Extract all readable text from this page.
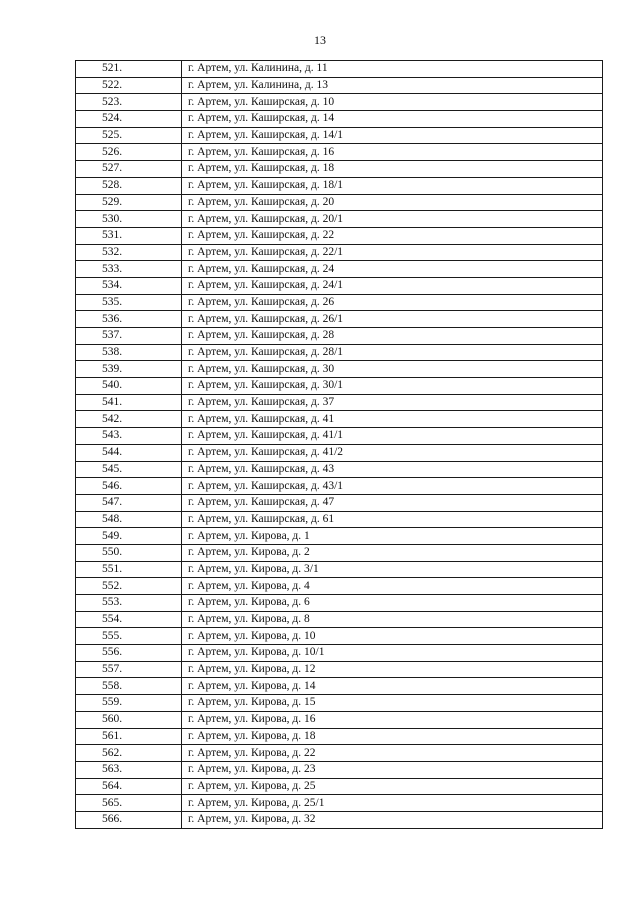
13
521.	г. Артем, ул. Калинина, д. 11
522.	г. Артем, ул. Калинина, д. 13
523.	г. Артем, ул. Каширская, д. 10
524.	г. Артем, ул. Каширская, д. 14
525.	г. Артем, ул. Каширская, д. 14/1
526.	г. Артем, ул. Каширская, д. 16
527.	г. Артем, ул. Каширская, д. 18
528.	г. Артем, ул. Каширская, д. 18/1
529.	г. Артем, ул. Каширская, д. 20
530.	г. Артем, ул. Каширская, д. 20/1
531.	г. Артем, ул. Каширская, д. 22
532.	г. Артем, ул. Каширская, д. 22/1
533.	г. Артем, ул. Каширская, д. 24
534.	г. Артем, ул. Каширская, д. 24/1
535.	г. Артем, ул. Каширская, д. 26
536.	г. Артем, ул. Каширская, д. 26/1
537.	г. Артем, ул. Каширская, д. 28
538.	г. Артем, ул. Каширская, д. 28/1
539.	г. Артем, ул. Каширская, д. 30
540.	г. Артем, ул. Каширская, д. 30/1
541.	г. Артем, ул. Каширская, д. 37
542.	г. Артем, ул. Каширская, д. 41
543.	г. Артем, ул. Каширская, д. 41/1
544.	г. Артем, ул. Каширская, д. 41/2
545.	г. Артем, ул. Каширская, д. 43
546.	г. Артем, ул. Каширская, д. 43/1
547.	г. Артем, ул. Каширская, д. 47
548.	г. Артем, ул. Каширская, д. 61
549.	г. Артем, ул. Кирова, д. 1
550.	г. Артем, ул. Кирова, д. 2
551.	г. Артем, ул. Кирова, д. 3/1
552.	г. Артем, ул. Кирова, д. 4
553.	г. Артем, ул. Кирова, д. 6
554.	г. Артем, ул. Кирова, д. 8
555.	г. Артем, ул. Кирова, д. 10
556.	г. Артем, ул. Кирова, д. 10/1
557.	г. Артем, ул. Кирова, д. 12
558.	г. Артем, ул. Кирова, д. 14
559.	г. Артем, ул. Кирова, д. 15
560.	г. Артем, ул. Кирова, д. 16
561.	г. Артем, ул. Кирова, д. 18
562.	г. Артем, ул. Кирова, д. 22
563.	г. Артем, ул. Кирова, д. 23
564.	г. Артем, ул. Кирова, д. 25
565.	г. Артем, ул. Кирова, д. 25/1
566.	г. Артем, ул. Кирова, д. 32
